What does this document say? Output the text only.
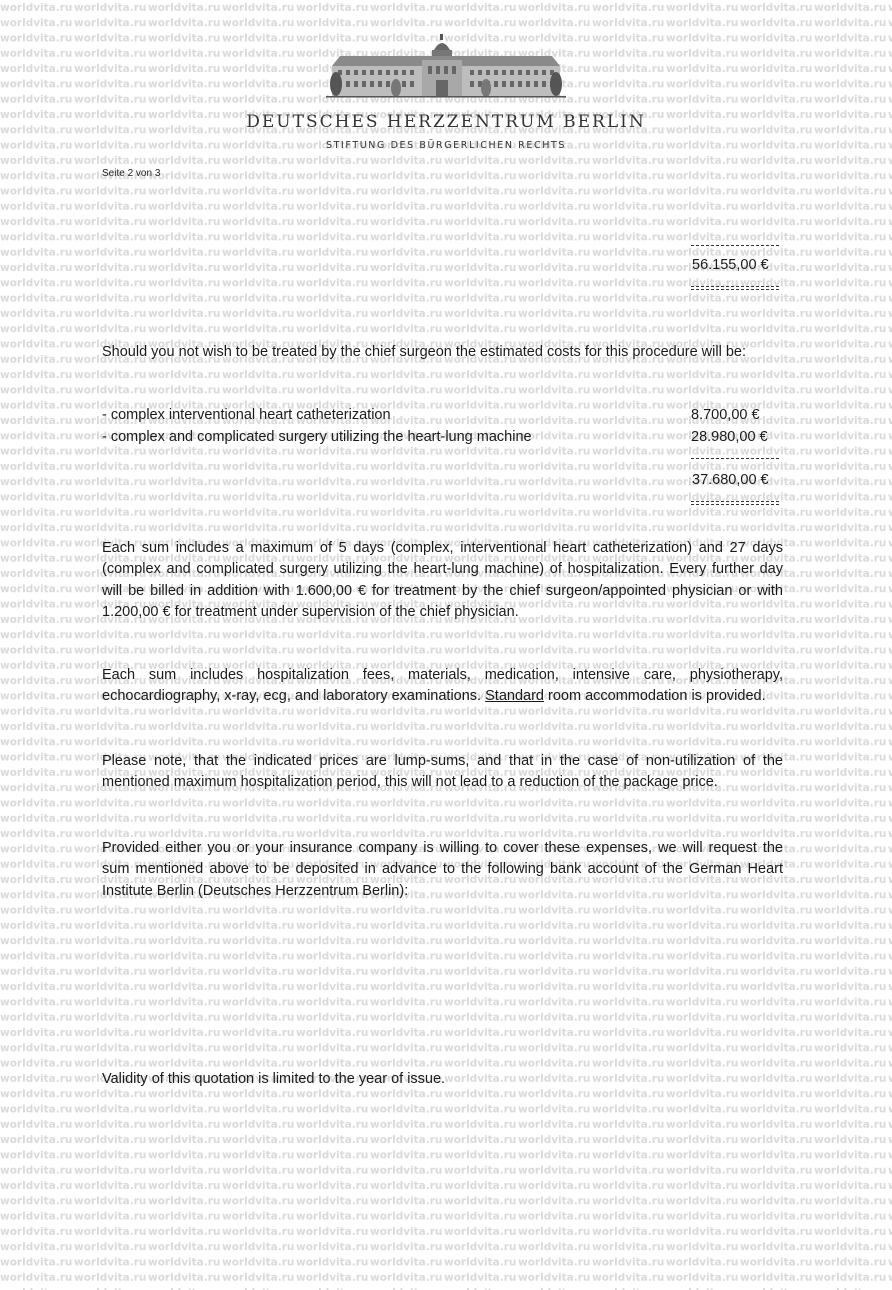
DEUTSCHES HERZZENTRUM BERLIN
STIFTUNG DES BÜRGERLICHEN RECHTS
Seite 2 von 3
56.155,00 €

Should you not wish to be treated by the chief surgeon the estimated costs for this procedure will be:

- complex interventional heart catheterization	8.700,00 €
- complex and complicated surgery utilizing the heart-lung machine	28.980,00 €
37.680,00 €

Each sum includes a maximum of 5 days (complex, interventional heart catheterization) and 27 days (complex and complicated surgery utilizing the heart-lung machine) of hospitalization. Every further day will be billed in addition with 1.600,00 € for treatment by the chief surgeon/appointed physician or with 1.200,00 € for treatment under supervision of the chief physician.

Each sum includes hospitalization fees, materials, medication, intensive care, physiotherapy, echocardiography, x-ray, ecg, and laboratory examinations. Standard room accommodation is provided.

Please note, that the indicated prices are lump-sums, and that in the case of non-utilization of the mentioned maximum hospitalization period, this will not lead to a reduction of the package price.

Provided either you or your insurance company is willing to cover these expenses, we will request the sum mentioned above to be deposited in advance to the following bank account of the German Heart Institute Berlin (Deutsches Herzzentrum Berlin):

Validity of this quotation is limited to the year of issue.
